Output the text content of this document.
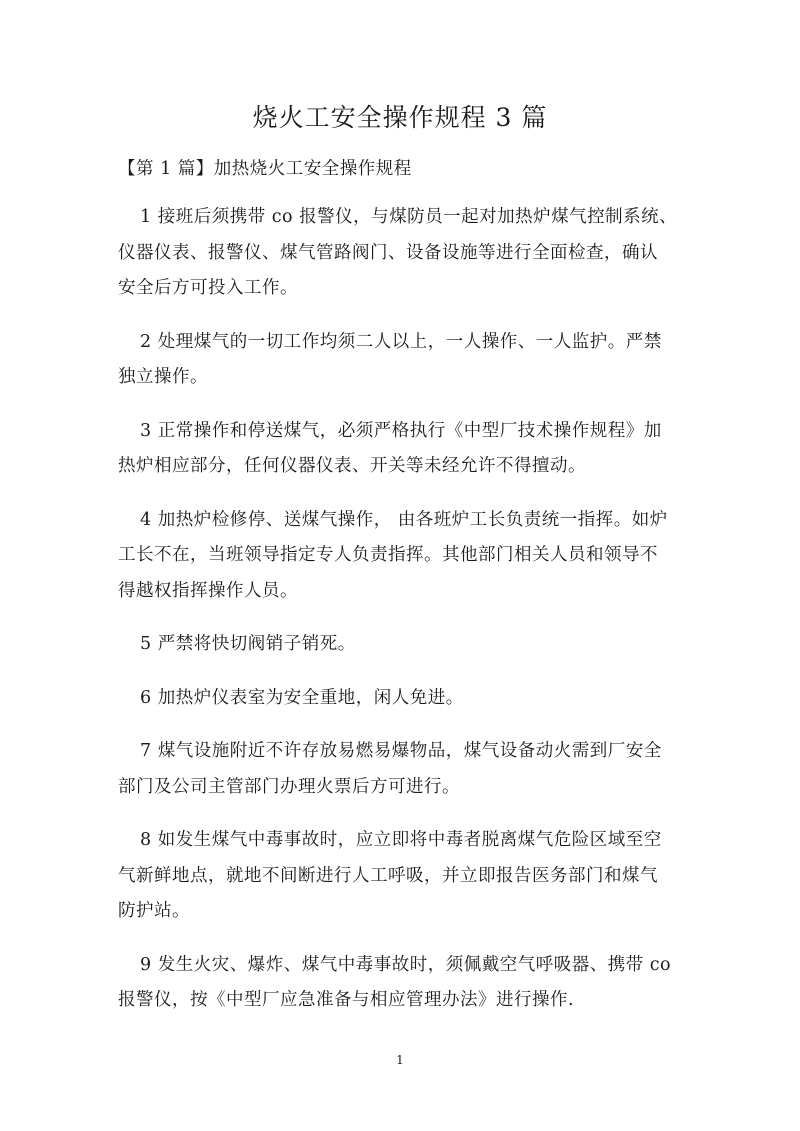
烧火工安全操作规程 3 篇
【第 1 篇】加热烧火工安全操作规程
1 接班后须携带 co 报警仪，与煤防员一起对加热炉煤气控制系统、
仪器仪表、报警仪、煤气管路阀门、设备设施等进行全面检查，确认
安全后方可投入工作。
2 处理煤气的一切工作均须二人以上，一人操作、一人监护。严禁
独立操作。
3 正常操作和停送煤气，必须严格执行《中型厂技术操作规程》加
热炉相应部分，任何仪器仪表、开关等未经允许不得擅动。
4 加热炉检修停、送煤气操作， 由各班炉工长负责统一指挥。如炉
工长不在，当班领导指定专人负责指挥。其他部门相关人员和领导不
得越权指挥操作人员。
5 严禁将快切阀销子销死。
6 加热炉仪表室为安全重地，闲人免进。
7 煤气设施附近不许存放易燃易爆物品，煤气设备动火需到厂安全
部门及公司主管部门办理火票后方可进行。
8 如发生煤气中毒事故时，应立即将中毒者脱离煤气危险区域至空
气新鲜地点，就地不间断进行人工呼吸，并立即报告医务部门和煤气
防护站。
9 发生火灾、爆炸、煤气中毒事故时，须佩戴空气呼吸器、携带 co
报警仪，按《中型厂应急准备与相应管理办法》进行操作.
1
